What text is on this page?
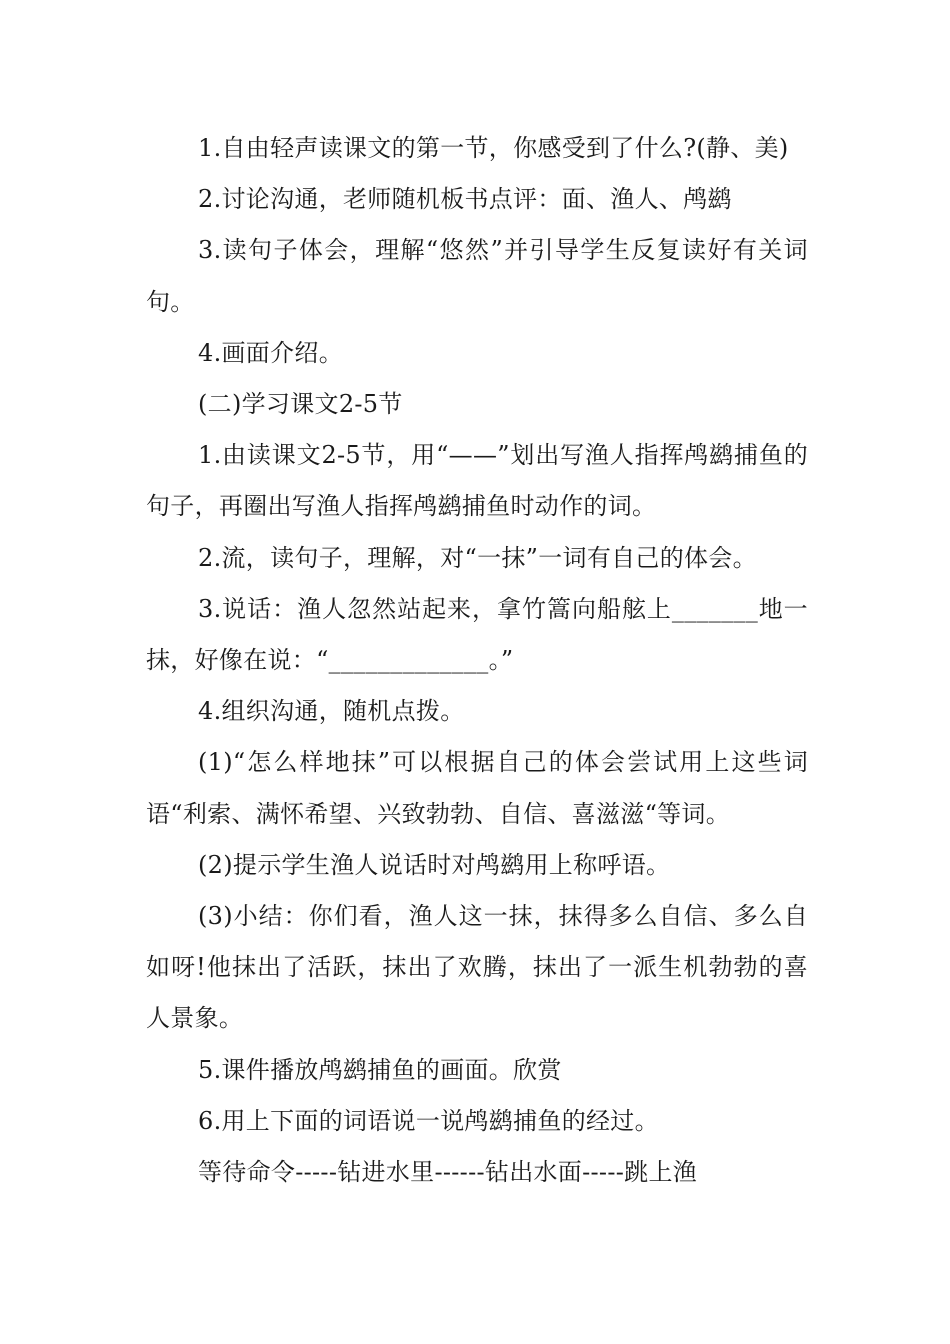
1.自由轻声读课文的第一节，你感受到了什么?(静、美)

2.讨论沟通，老师随机板书点评：面、渔人、鸬鹚

3.读句子体会，理解“悠然”并引导学生反复读好有关词句。

4.画面介绍。

(二)学习课文2-5节

1.由读课文2-5节，用“——”划出写渔人指挥鸬鹚捕鱼的句子，再圈出写渔人指挥鸬鹚捕鱼时动作的词。

2.流，读句子，理解，对“一抹”一词有自己的体会。

3.说话：渔人忽然站起来，拿竹篙向船舷上_______地一抹，好像在说：“_____________。”

4.组织沟通，随机点拨。

(1)“怎么样地抹”可以根据自己的体会尝试用上这些词语“利索、满怀希望、兴致勃勃、自信、喜滋滋“等词。

(2)提示学生渔人说话时对鸬鹚用上称呼语。

(3)小结：你们看，渔人这一抹，抹得多么自信、多么自如呀!他抹出了活跃，抹出了欢腾，抹出了一派生机勃勃的喜人景象。

5.课件播放鸬鹚捕鱼的画面。欣赏

6.用上下面的词语说一说鸬鹚捕鱼的经过。

等待命令-----钻进水里------钻出水面-----跳上渔
